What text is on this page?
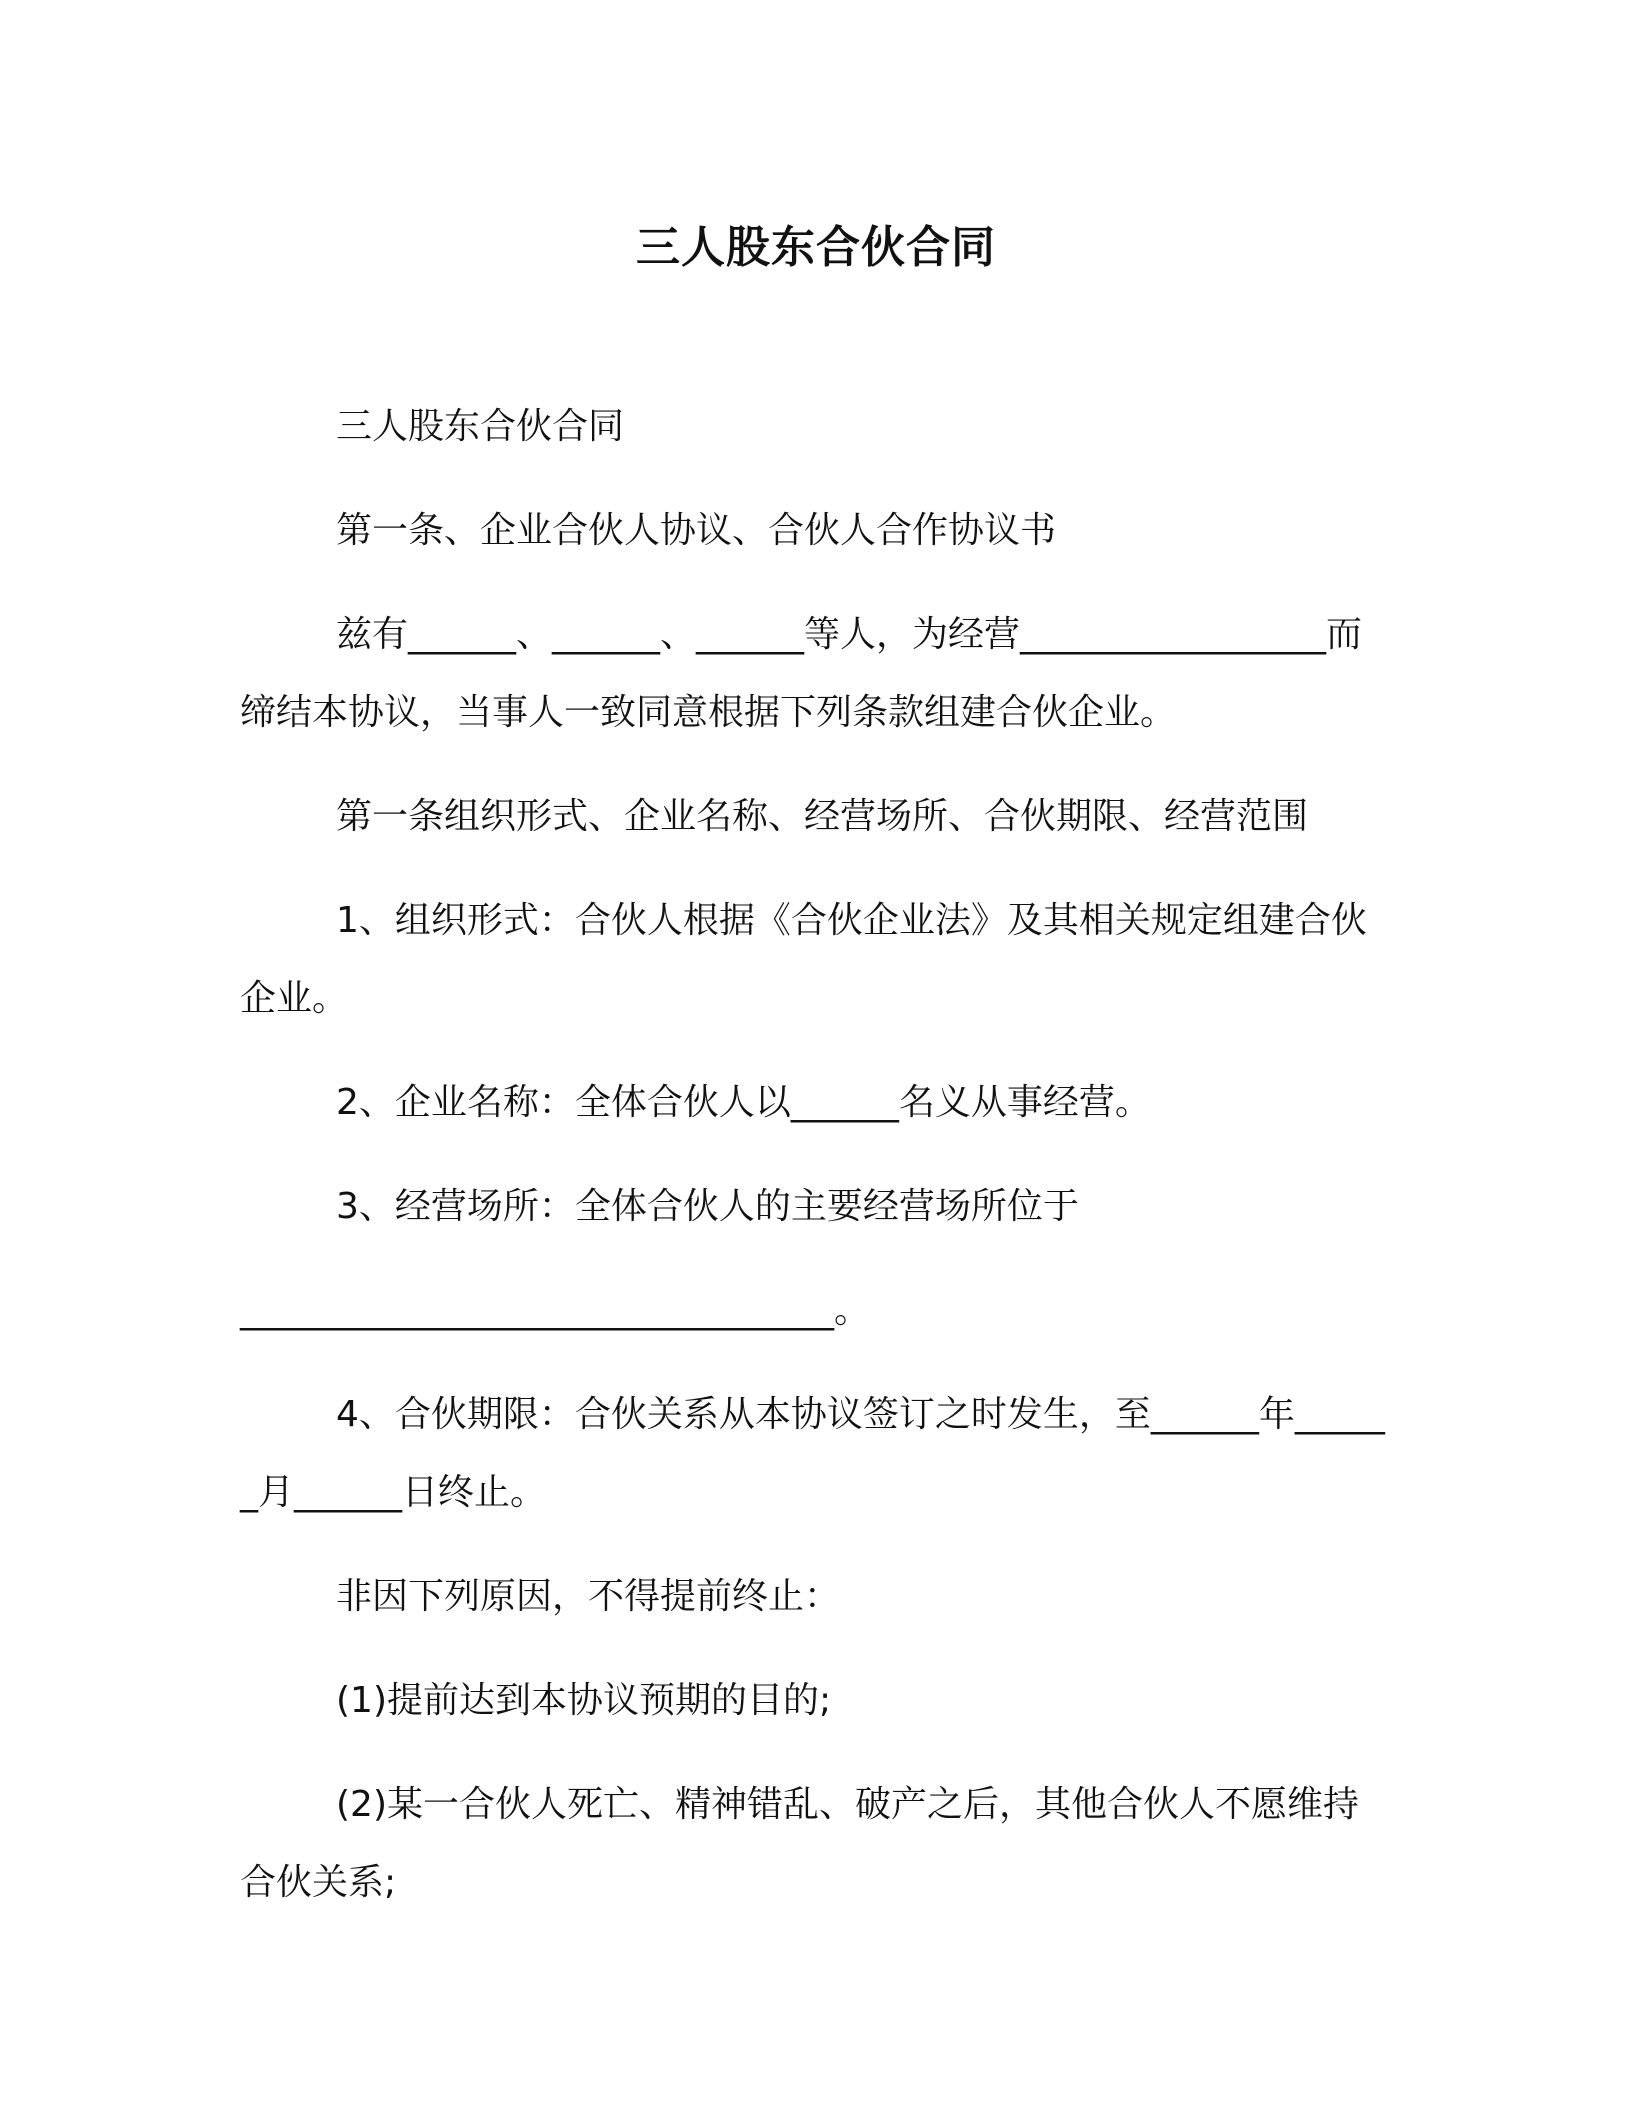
三人股东合伙合同

三人股东合伙合同

第一条、企业合伙人协议、合伙人合作协议书

兹有______、______、______等人，为经营_________________而缔结本协议，当事人一致同意根据下列条款组建合伙企业。

第一条组织形式、企业名称、经营场所、合伙期限、经营范围

1、组织形式：合伙人根据《合伙企业法》及其相关规定组建合伙企业。

2、企业名称：全体合伙人以______名义从事经营。

3、经营场所：全体合伙人的主要经营场所位于

_________________________________。

4、合伙期限：合伙关系从本协议签订之时发生，至______年______月______日终止。

非因下列原因，不得提前终止：

(1)提前达到本协议预期的目的;

(2)某一合伙人死亡、精神错乱、破产之后，其他合伙人不愿维持合伙关系;
